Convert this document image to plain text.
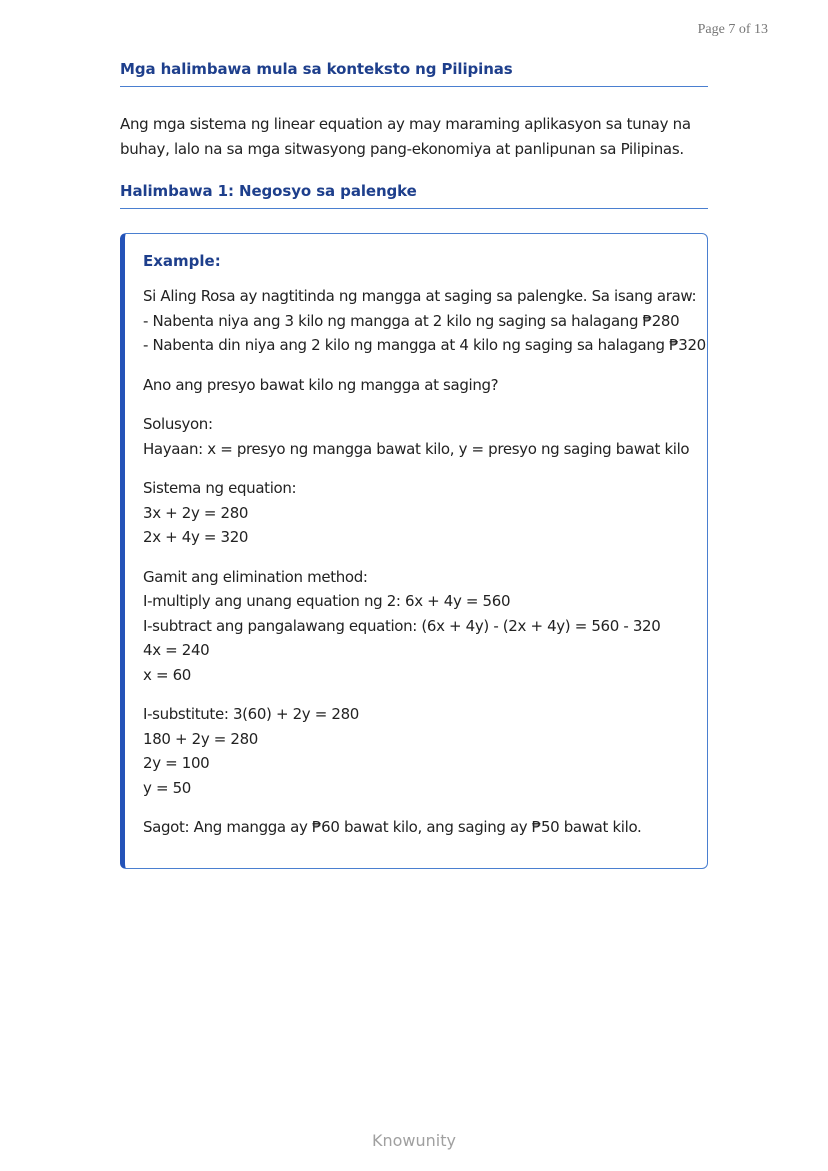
Page 7 of 13
Mga halimbawa mula sa konteksto ng Pilipinas
Ang mga sistema ng linear equation ay may maraming aplikasyon sa tunay na
buhay, lalo na sa mga sitwasyong pang-ekonomiya at panlipunan sa Pilipinas.
Halimbawa 1: Negosyo sa palengke
Example:

Si Aling Rosa ay nagtitinda ng mangga at saging sa palengke. Sa isang araw:
- Nabenta niya ang 3 kilo ng mangga at 2 kilo ng saging sa halagang ₱280
- Nabenta din niya ang 2 kilo ng mangga at 4 kilo ng saging sa halagang ₱320

Ano ang presyo bawat kilo ng mangga at saging?

Solusyon:
Hayaan: x = presyo ng mangga bawat kilo, y = presyo ng saging bawat kilo

Sistema ng equation:
3x + 2y = 280
2x + 4y = 320

Gamit ang elimination method:
I-multiply ang unang equation ng 2: 6x + 4y = 560
I-subtract ang pangalawang equation: (6x + 4y) - (2x + 4y) = 560 - 320
4x = 240
x = 60

I-substitute: 3(60) + 2y = 280
180 + 2y = 280
2y = 100
y = 50

Sagot: Ang mangga ay ₱60 bawat kilo, ang saging ay ₱50 bawat kilo.

Knowunity
